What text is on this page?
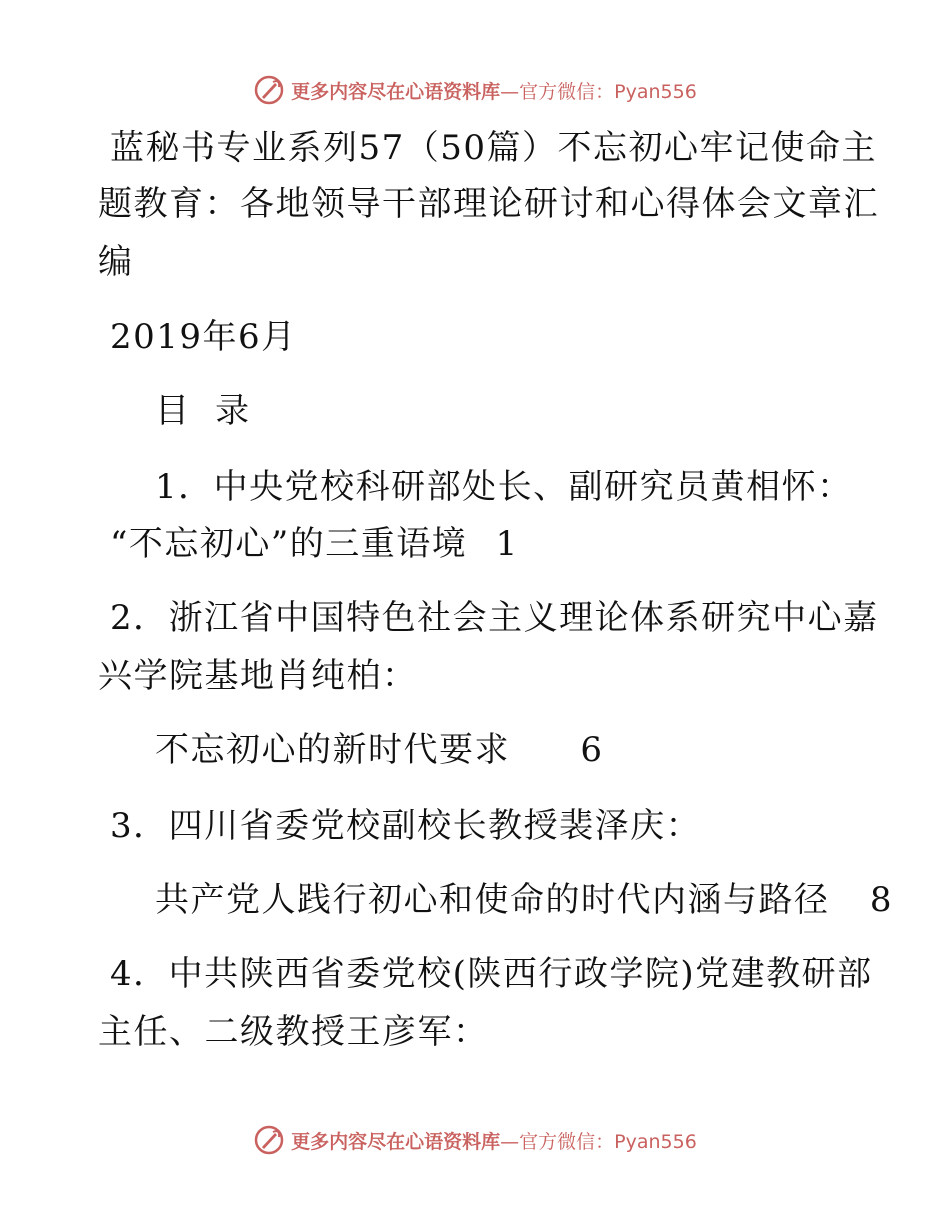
更多内容尽在心语资料库 —官方微信：Pyan556
蓝秘书专业系列57（50篇）不忘初心牢记使命主
题教育：各地领导干部理论研讨和心得体会文章汇
编
2019年6月
目  录
1．中央党校科研部处长、副研究员黄相怀：
“不忘初心”的三重语境 1
2．浙江省中国特色社会主义理论体系研究中心嘉
兴学院基地肖纯柏：
不忘初心的新时代要求 6
3．四川省委党校副校长教授裴泽庆：
共产党人践行初心和使命的时代内涵与路径 8
4．中共陕西省委党校(陕西行政学院)党建教研部
主任、二级教授王彦军：
更多内容尽在心语资料库 —官方微信：Pyan556
